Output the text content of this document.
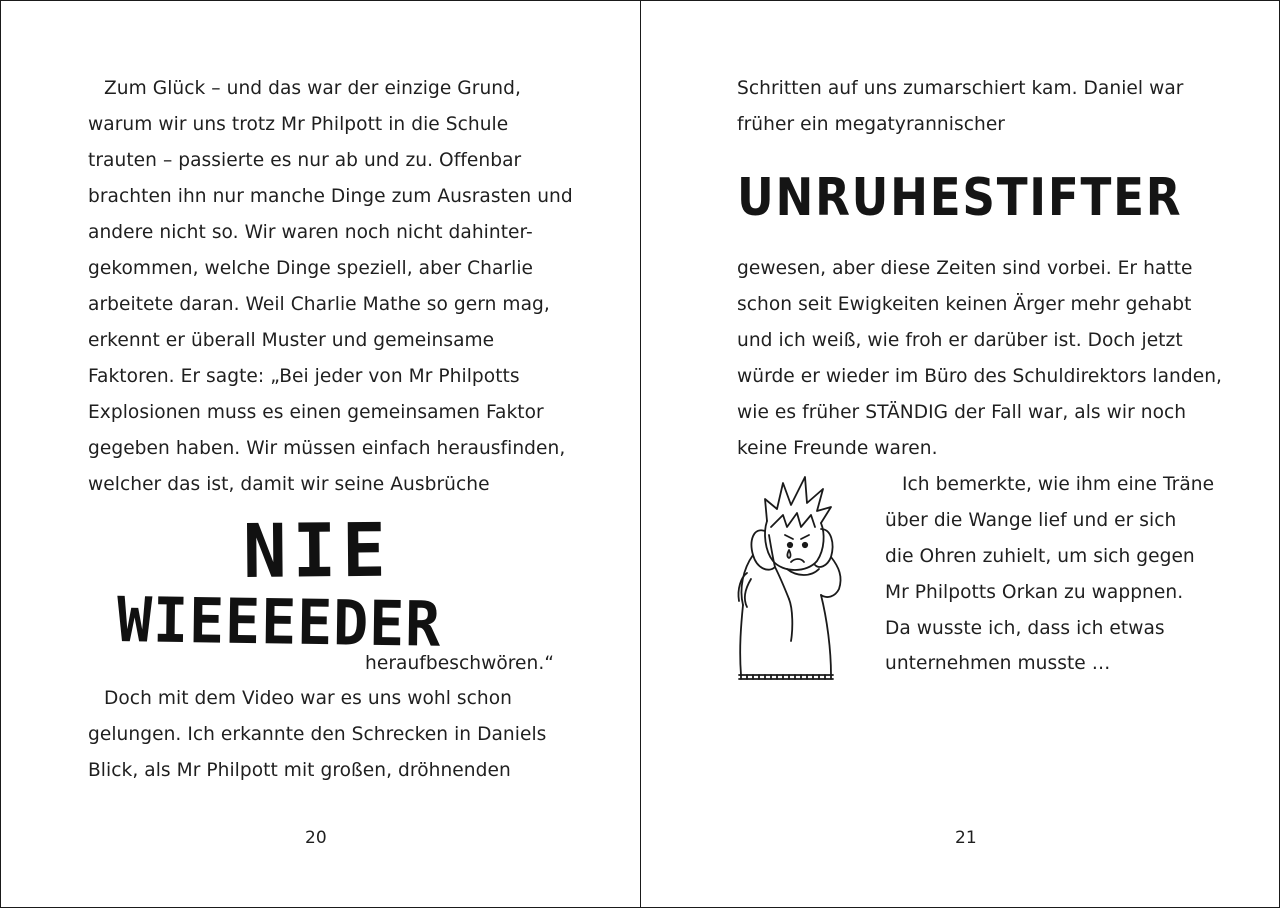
Zum Glück – und das war der einzige Grund,
warum wir uns trotz Mr Philpott in die Schule
trauten – passierte es nur ab und zu. Offenbar
brachten ihn nur manche Dinge zum Ausrasten und
andere nicht so. Wir waren noch nicht dahinter-
gekommen, welche Dinge speziell, aber Charlie
arbeitete daran. Weil Charlie Mathe so gern mag,
erkennt er überall Muster und gemeinsame
Faktoren. Er sagte: „Bei jeder von Mr Philpotts
Explosionen muss es einen gemeinsamen Faktor
gegeben haben. Wir müssen einfach herausfinden,
welcher das ist, damit wir seine Ausbrüche
NIE
WIEEEEDER
heraufbeschwören.“
Doch mit dem Video war es uns wohl schon
gelungen. Ich erkannte den Schrecken in Daniels
Blick, als Mr Philpott mit großen, dröhnenden
20
Schritten auf uns zumarschiert kam. Daniel war
früher ein megatyrannischer
UNRUHESTIFTER
gewesen, aber diese Zeiten sind vorbei. Er hatte
schon seit Ewigkeiten keinen Ärger mehr gehabt
und ich weiß, wie froh er darüber ist. Doch jetzt
würde er wieder im Büro des Schuldirektors landen,
wie es früher STÄNDIG der Fall war, als wir noch
keine Freunde waren.
Ich bemerkte, wie ihm eine Träne
über die Wange lief und er sich
die Ohren zuhielt, um sich gegen
Mr Philpotts Orkan zu wappnen.
Da wusste ich, dass ich etwas
unternehmen musste …
21
